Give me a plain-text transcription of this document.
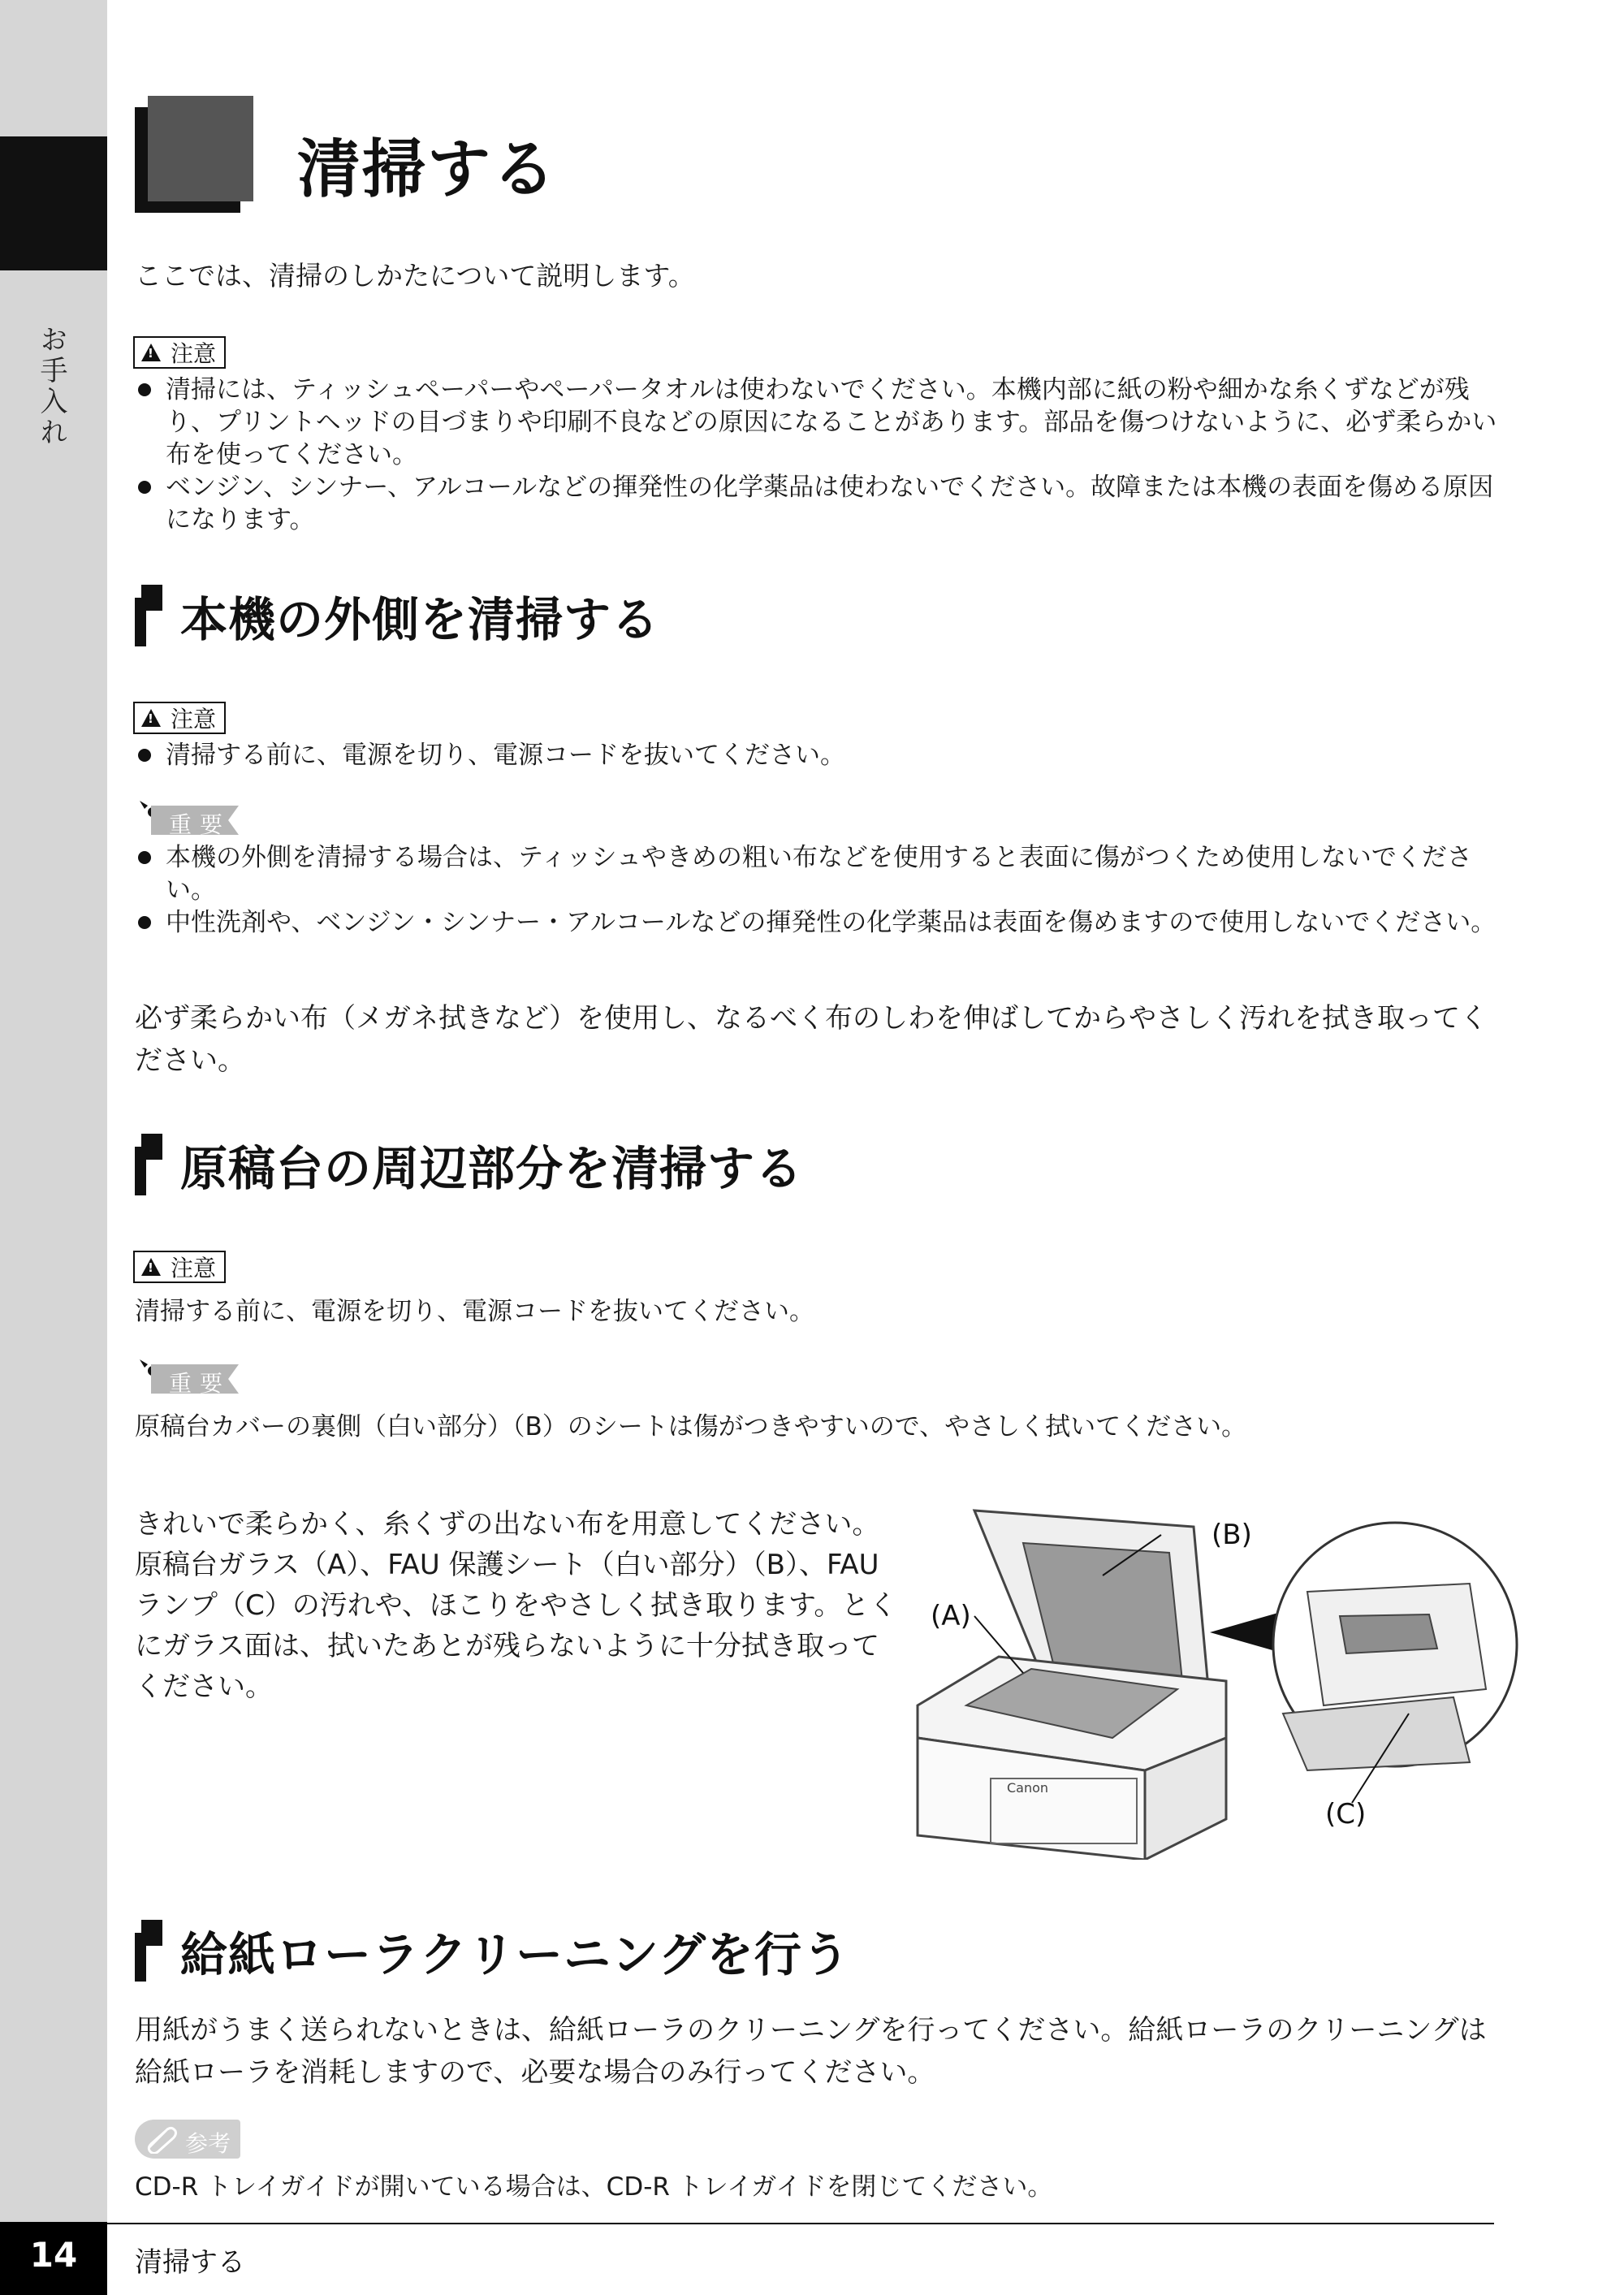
お手入れ
清掃する

ここでは、清掃のしかたについて説明します。

!
注意
清掃には、ティッシュペーパーやペーパータオルは使わないでください。本機内部に紙の粉や細かな糸くずなどが残り、プリントヘッドの目づまりや印刷不良などの原因になることがあります。部品を傷つけないように、必ず柔らかい布を使ってください。
ベンジン、シンナー、アルコールなどの揮発性の化学薬品は使わないでください。故障または本機の表面を傷める原因になります。
本機の外側を清掃する
!
注意
清掃する前に、電源を切り、電源コードを抜いてください。
重要
本機の外側を清掃する場合は、ティッシュやきめの粗い布などを使用すると表面に傷がつくため使用しないでください。
中性洗剤や、ベンジン・シンナー・アルコールなどの揮発性の化学薬品は表面を傷めますので使用しないでください。

必ず柔らかい布（メガネ拭きなど）を使用し、なるべく布のしわを伸ばしてからやさしく汚れを拭き取ってください。

原稿台の周辺部分を清掃する
!
注意

清掃する前に、電源を切り、電源コードを抜いてください。

重要

原稿台カバーの裏側（白い部分）（B）のシートは傷がつきやすいので、やさしく拭いてください。

きれいで柔らかく、糸くずの出ない布を用意してください。原稿台ガラス（A）、FAU 保護シート（白い部分）（B）、FAU ランプ（C）の汚れや、ほこりをやさしく拭き取ります。とくにガラス面は、拭いたあとが残らないように十分拭き取ってください。

(B)
(A)
(C)
Canon
給紙ローラクリーニングを行う

用紙がうまく送られないときは、給紙ローラのクリーニングを行ってください。給紙ローラのクリーニングは給紙ローラを消耗しますので、必要な場合のみ行ってください。

参考

CD-R トレイガイドが開いている場合は、CD-R トレイガイドを閉じてください。

14	清掃する
